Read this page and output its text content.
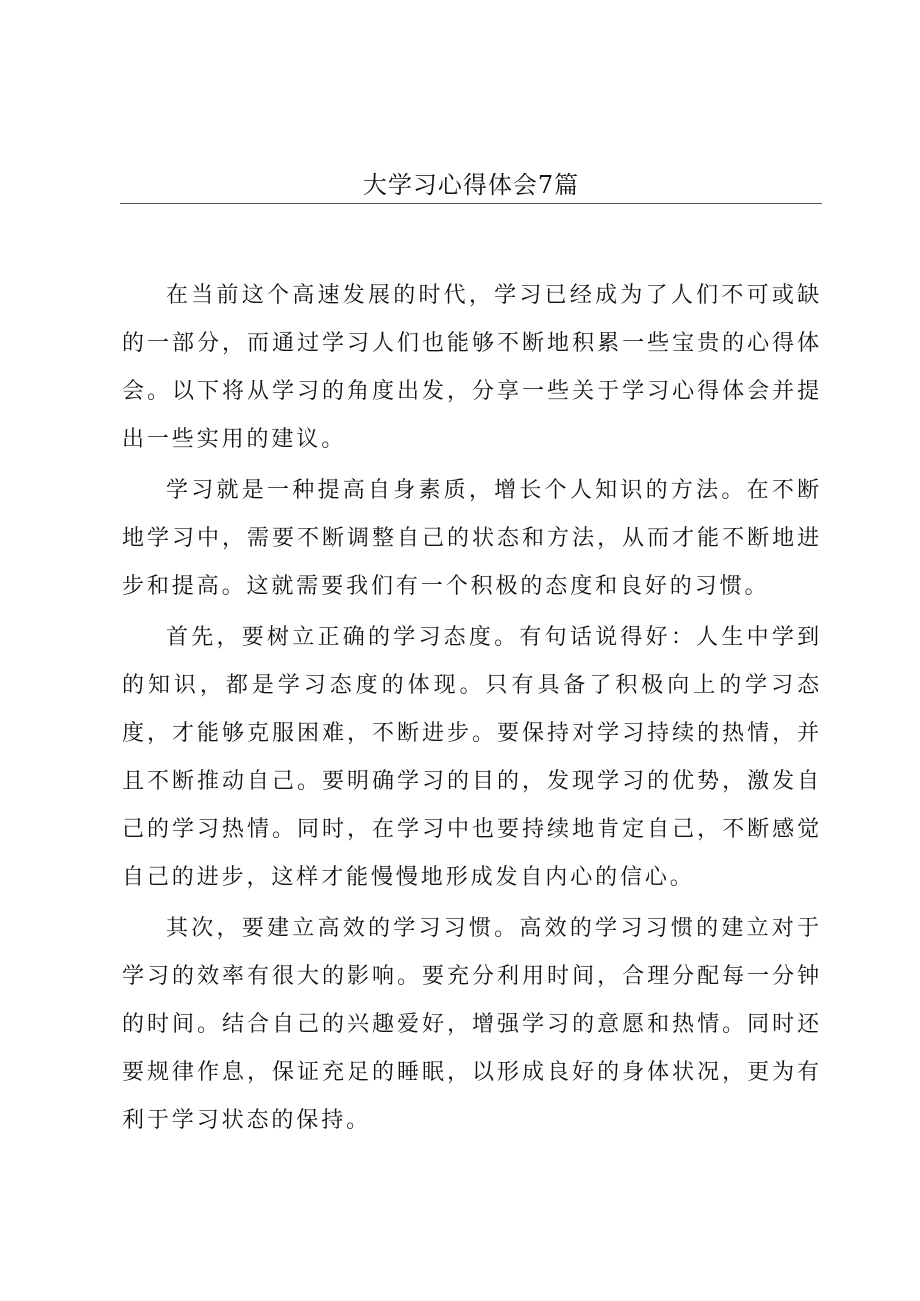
大学习心得体会7篇

在当前这个高速发展的时代，学习已经成为了人们不可或缺的一部分，而通过学习人们也能够不断地积累一些宝贵的心得体会。以下将从学习的角度出发，分享一些关于学习心得体会并提出一些实用的建议。

学习就是一种提高自身素质，增长个人知识的方法。在不断地学习中，需要不断调整自己的状态和方法，从而才能不断地进步和提高。这就需要我们有一个积极的态度和良好的习惯。

首先，要树立正确的学习态度。有句话说得好：人生中学到的知识，都是学习态度的体现。只有具备了积极向上的学习态度，才能够克服困难，不断进步。要保持对学习持续的热情，并且不断推动自己。要明确学习的目的，发现学习的优势，激发自己的学习热情。同时，在学习中也要持续地肯定自己，不断感觉自己的进步，这样才能慢慢地形成发自内心的信心。

其次，要建立高效的学习习惯。高效的学习习惯的建立对于学习的效率有很大的影响。要充分利用时间，合理分配每一分钟的时间。结合自己的兴趣爱好，增强学习的意愿和热情。同时还要规律作息，保证充足的睡眠，以形成良好的身体状况，更为有利于学习状态的保持。
